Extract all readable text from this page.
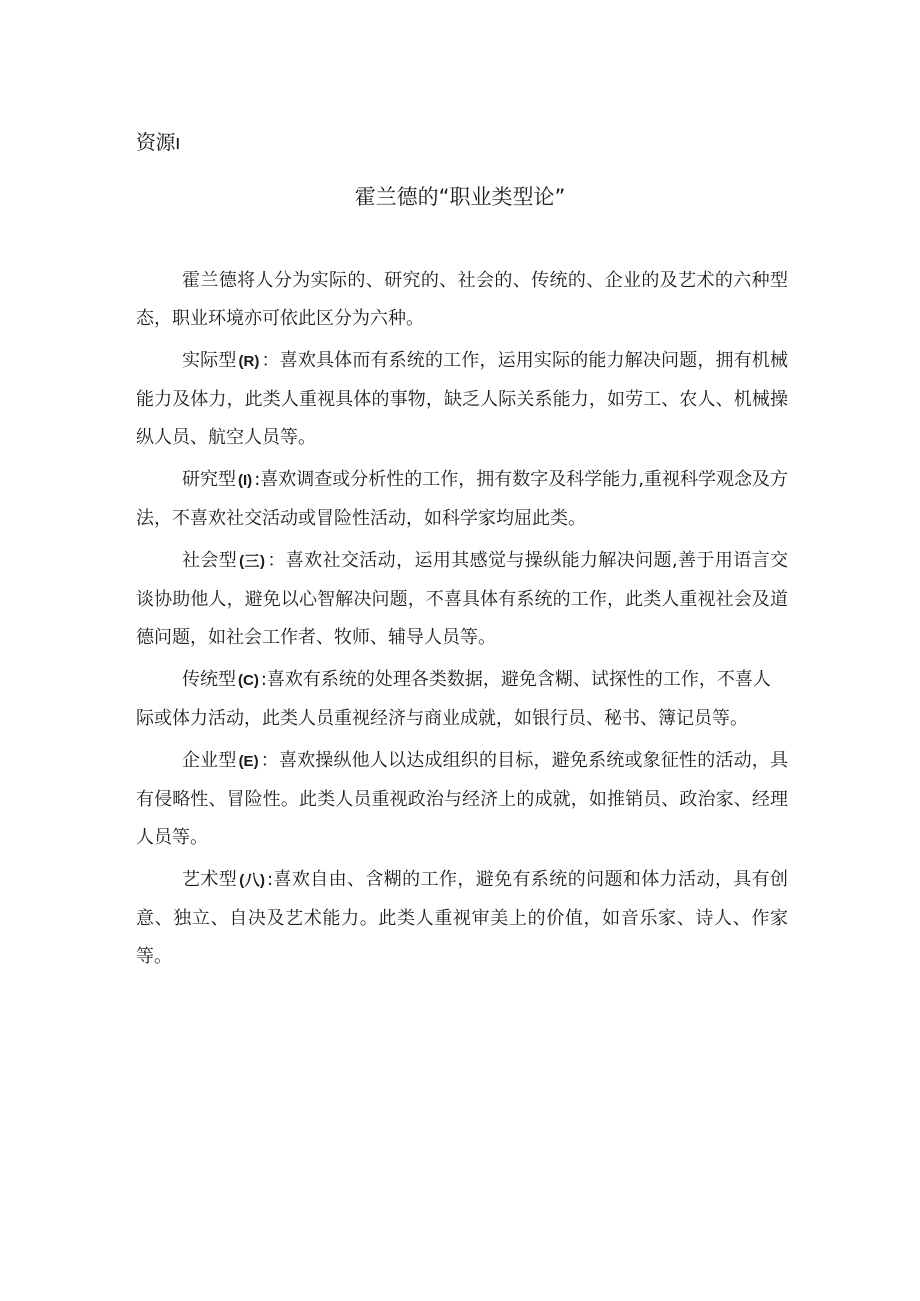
资源ı

霍兰德的“职业类型论”

霍兰德将人分为实际的、研究的、社会的、传统的、企业的及艺术的六种型态，职业环境亦可依此区分为六种。

实际型 (R) ：喜欢具体而有系统的工作，运用实际的能力解决问题，拥有机械能力及体力，此类人重视具体的事物，缺乏人际关系能力，如劳工、农人、机械操纵人员、航空人员等。

研究型 (I) :喜欢调查或分析性的工作，拥有数字及科学能力,重视科学观念及方法，不喜欢社交活动或冒险性活动，如科学家均屈此类。

社会型 (三) ：喜欢社交活动，运用其感觉与操纵能力解决问题,善于用语言交谈协助他人，避免以心智解决问题，不喜具体有系统的工作，此类人重视社会及道德问题，如社会工作者、牧师、辅导人员等。

传统型 (C) :喜欢有系统的处理各类数据，避免含糊、试探性的工作，不喜人际或体力活动，此类人员重视经济与商业成就，如银行员、秘书、簿记员等。

企业型 (E) ：喜欢操纵他人以达成组织的目标，避免系统或象征性的活动，具有侵略性、冒险性。此类人员重视政治与经济上的成就，如推销员、政治家、经理人员等。

艺术型 (八) :喜欢自由、含糊的工作，避免有系统的问题和体力活动，具有创意、独立、自决及艺术能力。此类人重视审美上的价值，如音乐家、诗人、作家等。
